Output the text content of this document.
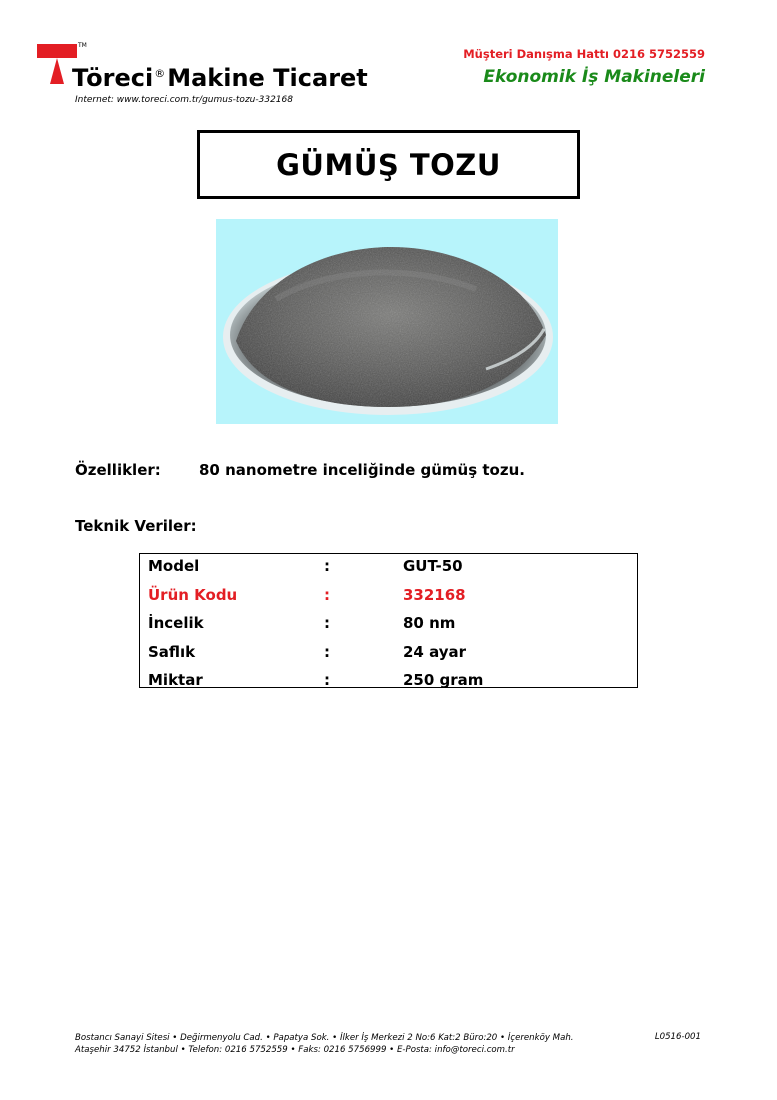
TM
Töreci®Makine Ticaret
Internet: www.toreci.com.tr/gumus-tozu-332168
Müşteri Danışma Hattı 0216 5752559
Ekonomik İş Makineleri
GÜMÜŞ TOZU
Özellikler:	80 nanometre inceliğinde gümüş tozu.
Teknik Veriler:
Model	:	GUT-50
Ürün Kodu	:	332168
İncelik	:	80 nm
Saflık	:	24 ayar
Miktar	:	250 gram
Bostancı Sanayi Sitesi • Değirmenyolu Cad. • Papatya Sok. • İlker İş Merkezi 2 No:6 Kat:2 Büro:20 • İçerenköy Mah.
Ataşehir 34752 İstanbul • Telefon: 0216 5752559 • Faks: 0216 5756999 • E-Posta: info@toreci.com.tr
L0516-001
